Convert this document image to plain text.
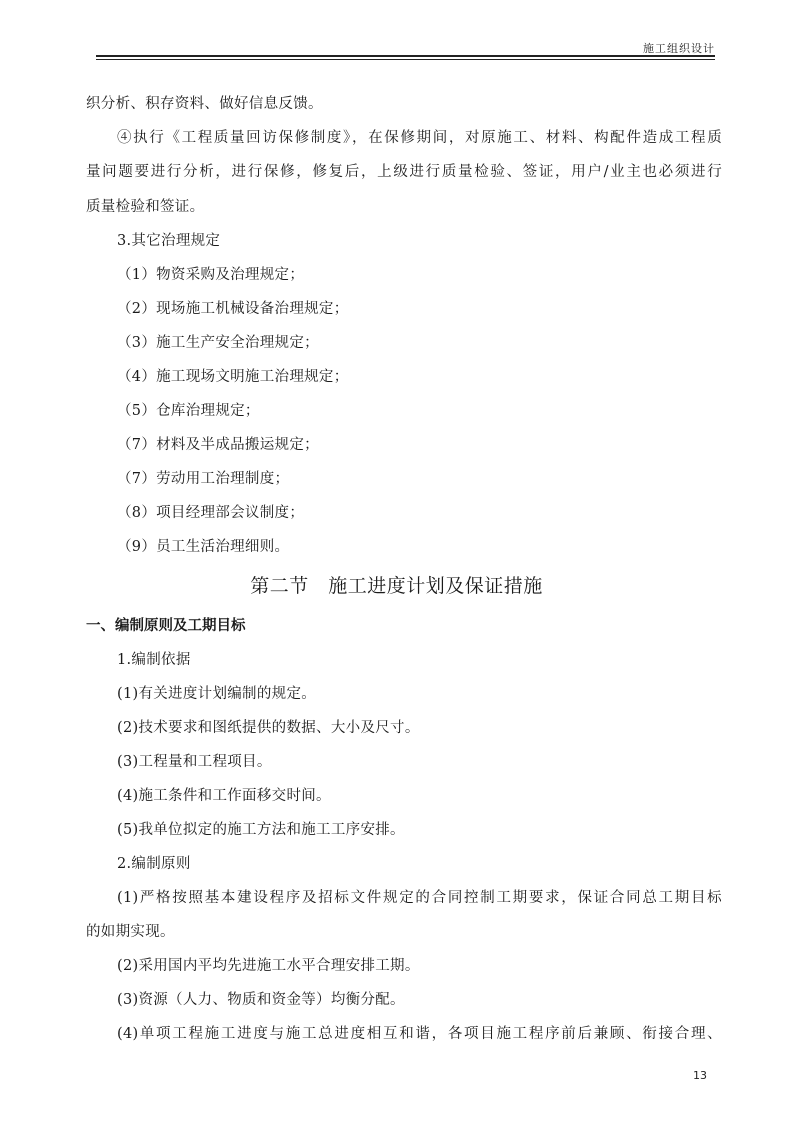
施工组织设计
织分析、积存资料、做好信息反馈。
④执行《工程质量回访保修制度》，在保修期间，对原施工、材料、构配件造成工程质
量问题要进行分析，进行保修，修复后，上级进行质量检验、签证，用户/业主也必须进行
质量检验和签证。
3.其它治理规定
（1）物资采购及治理规定；
（2）现场施工机械设备治理规定；
（3）施工生产安全治理规定；
（4）施工现场文明施工治理规定；
（5）仓库治理规定；
（7）材料及半成品搬运规定；
（7）劳动用工治理制度；
（8）项目经理部会议制度；
（9）员工生活治理细则。
第二节　施工进度计划及保证措施
一、编制原则及工期目标
1.编制依据
(1)有关进度计划编制的规定。
(2)技术要求和图纸提供的数据、大小及尺寸。
(3)工程量和工程项目。
(4)施工条件和工作面移交时间。
(5)我单位拟定的施工方法和施工工序安排。
2.编制原则
(1)严格按照基本建设程序及招标文件规定的合同控制工期要求，保证合同总工期目标
的如期实现。
(2)采用国内平均先进施工水平合理安排工期。
(3)资源（人力、物质和资金等）均衡分配。
(4)单项工程施工进度与施工总进度相互和谐，各项目施工程序前后兼顾、衔接合理、
13
